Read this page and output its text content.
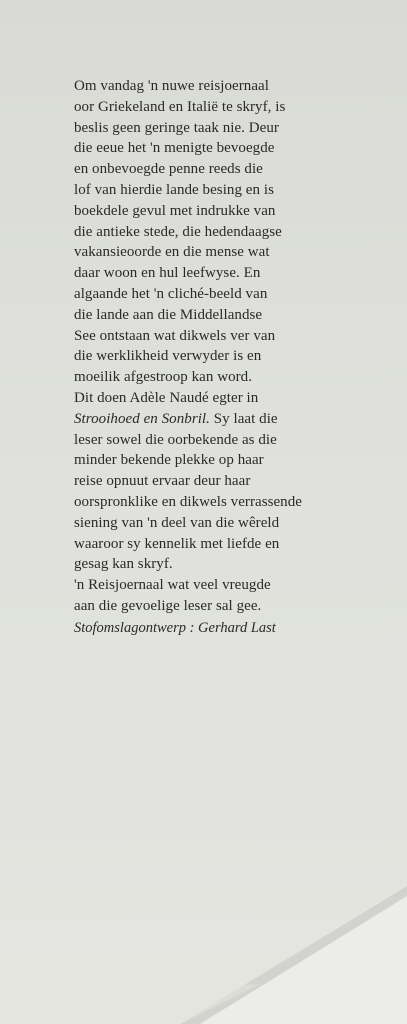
Om vandag 'n nuwe reisjoernaal
oor Griekeland en Italië te skryf, is
beslis geen geringe taak nie. Deur
die eeue het 'n menigte bevoegde
en onbevoegde penne reeds die
lof van hierdie lande besing en is
boekdele gevul met indrukke van
die antieke stede, die hedendaagse
vakansieoorde en die mense wat
daar woon en hul leefwyse. En
algaande het 'n cliché-beeld van
die lande aan die Middellandse
See ontstaan wat dikwels ver van
die werklikheid verwyder is en
moeilik afgestroop kan word.
Dit doen Adèle Naudé egter in
Strooihoed en Sonbril. Sy laat die
leser sowel die oorbekende as die
minder bekende plekke op haar
reise opnuut ervaar deur haar
oorspronklike en dikwels verrassende
siening van 'n deel van die wêreld
waaroor sy kennelik met liefde en
gesag kan skryf.
'n Reisjoernaal wat veel vreugde
aan die gevoelige leser sal gee.
Stofomslagontwerp : Gerhard Last
